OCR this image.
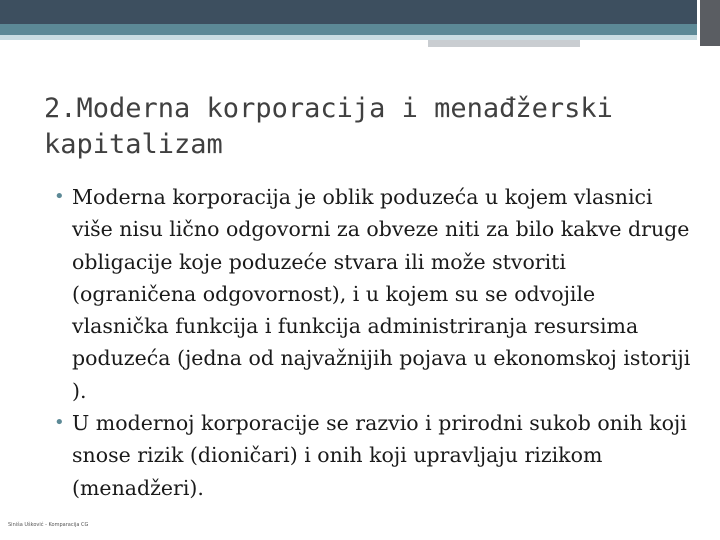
2.Moderna korporacija i menađžerski kapitalizam
• Moderna korporacija je oblik poduzeća u kojem vlasnici više nisu lično odgovorni za obveze niti za bilo kakve druge obligacije koje poduzeće stvara ili može stvoriti (ograničena odgovornost), i u kojem su se odvojile vlasnička funkcija i funkcija administriranja resursima poduzeća (jedna od najvažnijih pojava u ekonomskoj istoriji ).
• U modernoj korporacije se razvio i prirodni sukob onih koji snose rizik (dioničari) i onih koji upravljaju rizikom (menadžeri).
Siniša Ušković - Komparacija CG
